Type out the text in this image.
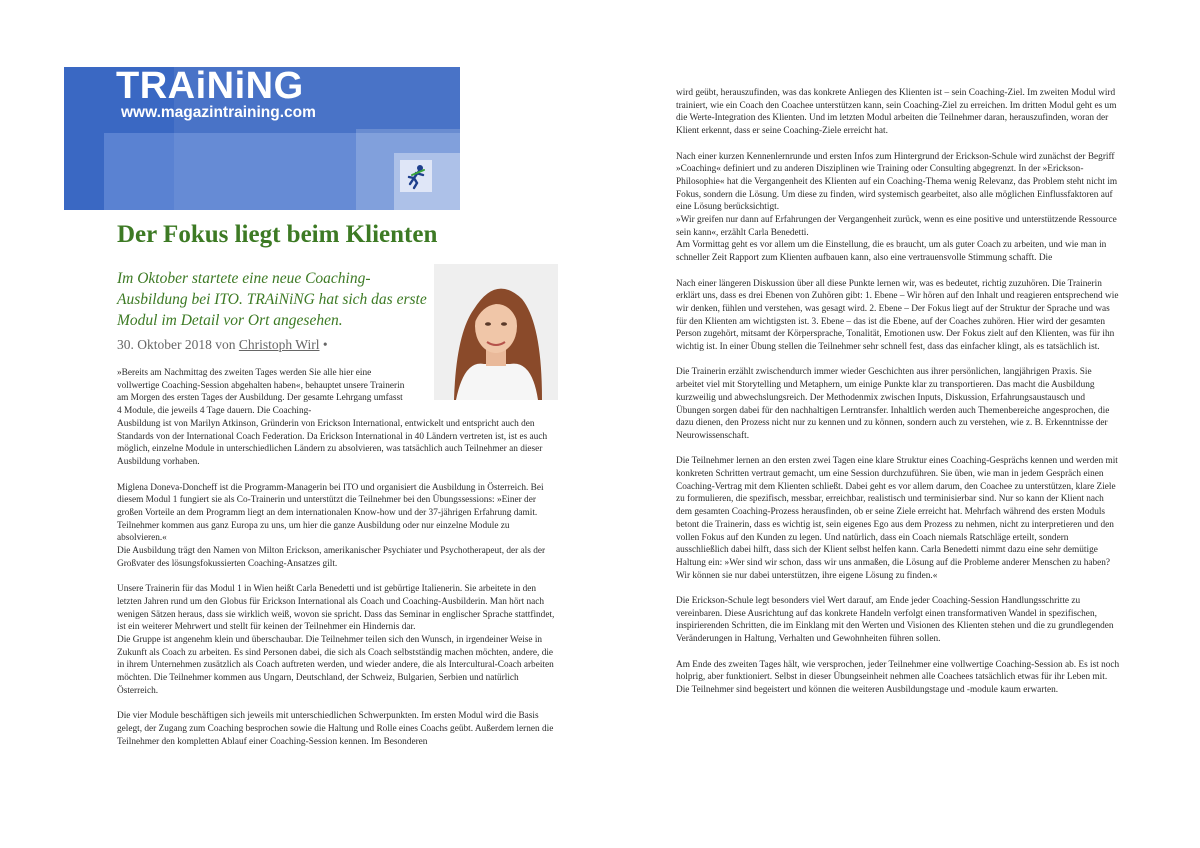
TRAiNiNG
www.magazintraining.com
Der Fokus liegt beim Klienten

Im Oktober startete eine neue Coaching-Ausbildung bei ITO. TRAiNiNG hat sich das erste Modul im Detail vor Ort angesehen.

30. Oktober 2018 von Christoph Wirl •

»Bereits am Nachmittag des zweiten Tages werden Sie alle hier eine vollwertige Coaching-Session abgehalten haben«, behauptet unsere Trainerin am Morgen des ersten Tages der Ausbildung. Der gesamte Lehrgang umfasst 4 Module, die jeweils 4 Tage dauern. Die Coaching-

Ausbildung ist von Marilyn Atkinson, Gründerin von Erickson International, entwickelt und entspricht auch den Standards von der International Coach Federation. Da Erickson International in 40 Ländern vertreten ist, ist es auch möglich, einzelne Module in unterschiedlichen Ländern zu absolvieren, was tatsächlich auch Teilnehmer an dieser Ausbildung vorhaben.

Miglena Doneva-Doncheff ist die Programm-Managerin bei ITO und organisiert die Ausbildung in Österreich. Bei diesem Modul 1 fungiert sie als Co-Trainerin und unterstützt die Teilnehmer bei den Übungssessions: »Einer der großen Vorteile an dem Programm liegt an dem internationalen Know-how und der 37-jährigen Erfahrung damit. Teilnehmer kommen aus ganz Europa zu uns, um hier die ganze Ausbildung oder nur einzelne Module zu absolvieren.«

Die Ausbildung trägt den Namen von Milton Erickson, amerikanischer Psychiater und Psychotherapeut, der als der Großvater des lösungsfokussierten Coaching-Ansatzes gilt.

Unsere Trainerin für das Modul 1 in Wien heißt Carla Benedetti und ist gebürtige Italienerin. Sie arbeitete in den letzten Jahren rund um den Globus für Erickson International als Coach und Coaching-Ausbilderin. Man hört nach wenigen Sätzen heraus, dass sie wirklich weiß, wovon sie spricht. Dass das Seminar in englischer Sprache stattfindet, ist ein weiterer Mehrwert und stellt für keinen der Teilnehmer ein Hindernis dar.

Die Gruppe ist angenehm klein und überschaubar. Die Teilnehmer teilen sich den Wunsch, in irgendeiner Weise in Zukunft als Coach zu arbeiten. Es sind Personen dabei, die sich als Coach selbstständig machen möchten, andere, die in ihrem Unternehmen zusätzlich als Coach auftreten werden, und wieder andere, die als Intercultural-Coach arbeiten möchten. Die Teilnehmer kommen aus Ungarn, Deutschland, der Schweiz, Bulgarien, Serbien und natürlich Österreich.

Die vier Module beschäftigen sich jeweils mit unterschiedlichen Schwerpunkten. Im ersten Modul wird die Basis gelegt, der Zugang zum Coaching besprochen sowie die Haltung und Rolle eines Coachs geübt. Außerdem lernen die Teilnehmer den kompletten Ablauf einer Coaching-Session kennen. Im Besonderen

wird geübt, herauszufinden, was das konkrete Anliegen des Klienten ist – sein Coaching-Ziel. Im zweiten Modul wird trainiert, wie ein Coach den Coachee unterstützen kann, sein Coaching-Ziel zu erreichen. Im dritten Modul geht es um die Werte-Integration des Klienten. Und im letzten Modul arbeiten die Teilnehmer daran, herauszufinden, woran der Klient erkennt, dass er seine Coaching-Ziele erreicht hat.

Nach einer kurzen Kennenlernrunde und ersten Infos zum Hintergrund der Erickson-Schule wird zunächst der Begriff »Coaching« definiert und zu anderen Disziplinen wie Training oder Consulting abgegrenzt. In der »Erickson-Philosophie« hat die Vergangenheit des Klienten auf ein Coaching-Thema wenig Relevanz, das Problem steht nicht im Fokus, sondern die Lösung. Um diese zu finden, wird systemisch gearbeitet, also alle möglichen Einflussfaktoren auf eine Lösung berücksichtigt.

»Wir greifen nur dann auf Erfahrungen der Vergangenheit zurück, wenn es eine positive und unterstützende Ressource sein kann«, erzählt Carla Benedetti.

Am Vormittag geht es vor allem um die Einstellung, die es braucht, um als guter Coach zu arbeiten, und wie man in schneller Zeit Rapport zum Klienten aufbauen kann, also eine vertrauensvolle Stimmung schafft. Die

Nach einer längeren Diskussion über all diese Punkte lernen wir, was es bedeutet, richtig zuzuhören. Die Trainerin erklärt uns, dass es drei Ebenen von Zuhören gibt: 1. Ebene – Wir hören auf den Inhalt und reagieren entsprechend wie wir denken, fühlen und verstehen, was gesagt wird. 2. Ebene – Der Fokus liegt auf der Struktur der Sprache und was für den Klienten am wichtigsten ist. 3. Ebene – das ist die Ebene, auf der Coaches zuhören. Hier wird der gesamten Person zugehört, mitsamt der Körpersprache, Tonalität, Emotionen usw. Der Fokus zielt auf den Klienten, was für ihn wichtig ist. In einer Übung stellen die Teilnehmer sehr schnell fest, dass das einfacher klingt, als es tatsächlich ist.

Die Trainerin erzählt zwischendurch immer wieder Geschichten aus ihrer persönlichen, langjährigen Praxis. Sie arbeitet viel mit Storytelling und Metaphern, um einige Punkte klar zu transportieren. Das macht die Ausbildung kurzweilig und abwechslungsreich. Der Methodenmix zwischen Inputs, Diskussion, Erfahrungsaustausch und Übungen sorgen dabei für den nachhaltigen Lerntransfer. Inhaltlich werden auch Themenbereiche angesprochen, die dazu dienen, den Prozess nicht nur zu kennen und zu können, sondern auch zu verstehen, wie z. B. Erkenntnisse der Neurowissenschaft.

Die Teilnehmer lernen an den ersten zwei Tagen eine klare Struktur eines Coaching-Gesprächs kennen und werden mit konkreten Schritten vertraut gemacht, um eine Session durchzuführen. Sie üben, wie man in jedem Gespräch einen Coaching-Vertrag mit dem Klienten schließt. Dabei geht es vor allem darum, den Coachee zu unterstützen, klare Ziele zu formulieren, die spezifisch, messbar, erreichbar, realistisch und terminisierbar sind. Nur so kann der Klient nach dem gesamten Coaching-Prozess herausfinden, ob er seine Ziele erreicht hat. Mehrfach während des ersten Moduls betont die Trainerin, dass es wichtig ist, sein eigenes Ego aus dem Prozess zu nehmen, nicht zu interpretieren und den vollen Fokus auf den Kunden zu legen. Und natürlich, dass ein Coach niemals Ratschläge erteilt, sondern ausschließlich dabei hilft, dass sich der Klient selbst helfen kann. Carla Benedetti nimmt dazu eine sehr demütige Haltung ein: »Wer sind wir schon, dass wir uns anmaßen, die Lösung auf die Probleme anderer Menschen zu haben? Wir können sie nur dabei unterstützen, ihre eigene Lösung zu finden.«

Die Erickson-Schule legt besonders viel Wert darauf, am Ende jeder Coaching-Session Handlungsschritte zu vereinbaren. Diese Ausrichtung auf das konkrete Handeln verfolgt einen transformativen Wandel in spezifischen, inspirierenden Schritten, die im Einklang mit den Werten und Visionen des Klienten stehen und die zu grundlegenden Veränderungen in Haltung, Verhalten und Gewohnheiten führen sollen.

Am Ende des zweiten Tages hält, wie versprochen, jeder Teilnehmer eine vollwertige Coaching-Session ab. Es ist noch holprig, aber funktioniert. Selbst in dieser Übungseinheit nehmen alle Coachees tatsächlich etwas für ihr Leben mit. Die Teilnehmer sind begeistert und können die weiteren Ausbildungstage und -module kaum erwarten.
